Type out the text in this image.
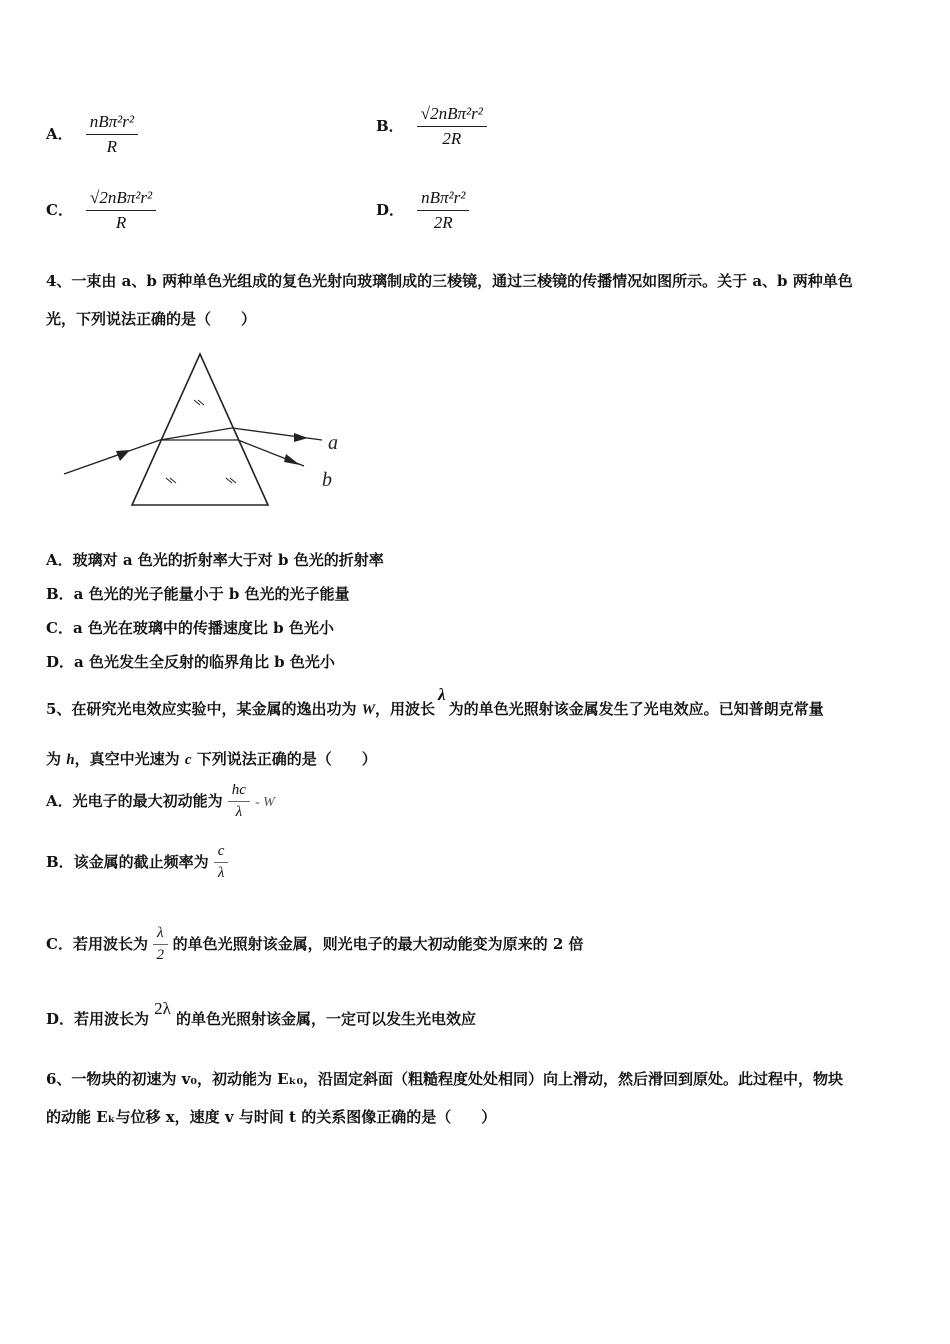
A． $\frac{\text{nBπ²r²}}{R}$	B． $\frac{\text{√2nBπ²r²}}{2R}$
C． $\frac{\text{√2nBπ²r²}}{R}$	D． $\frac{\text{nBπ²r²}}{2R}$
4、一束由 a、b 两种单色光组成的复色光射向玻璃制成的三棱镜，通过三棱镜的传播情况如图所示。关于 a、b 两种单色
光，下列说法正确的是（　　）
a
b
A．玻璃对 a 色光的折射率大于对 b 色光的折射率
B．a 色光的光子能量小于 b 色光的光子能量
C．a 色光在玻璃中的传播速度比 b 色光小
D．a 色光发生全反射的临界角比 b 色光小
5、在研究光电效应实验中，某金属的逸出功为 W，用波长λ为的单色光照射该金属发生了光电效应。已知普朗克常量
为 h，真空中光速为 c 下列说法正确的是（　　）
A．光电子的最大初动能为 $\frac{hc}{\lambda}$ - W
B．该金属的截止频率为 $\frac{c}{\lambda}$
C．若用波长为 $\frac{\lambda}{2}$ 的单色光照射该金属，则光电子的最大初动能变为原来的 2 倍
D．若用波长为 2λ 的单色光照射该金属，一定可以发生光电效应
6、一物块的初速为 v₀，初动能为 Eₖ₀，沿固定斜面（粗糙程度处处相同）向上滑动，然后滑回到原处。此过程中，物块
的动能 Eₖ与位移 x，速度 v 与时间 t 的关系图像正确的是（　　）
